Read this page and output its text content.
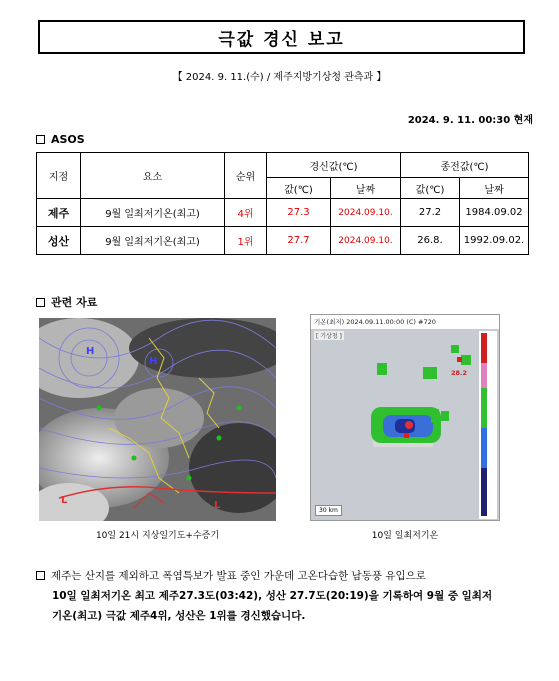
극값 경신 보고
【 2024. 9. 11.(수) / 제주지방기상청 관측과 】
2024. 9. 11. 00:30 현재
ASOS
지점	요소	순위	경신값(℃)		종전값(℃)	
			값(℃)	날짜	값(℃)	날짜
제주	9월 일최저기온(최고)	4위	27.3	2024.09.10.	27.2	1984.09.02
성산	9월 일최저기온(최고)	1위	27.7	2024.09.10.	26.8.	1992.09.02.
관련 자료
H
H
L	L
28.2
기온(최저) 2024.09.11.00:00 (C) #720
[ 기상청 ]
30 km
10일 21시 지상일기도+수증기	10일 일최저기온
제주는 산지를 제외하고 폭염특보가 발표 중인 가운데 고온다습한 남동풍 유입으로
10일 일최저기온 최고 제주27.3도(03:42), 성산 27.7도(20:19)을 기록하여 9월 중 일최저
기온(최고) 극값 제주4위, 성산은 1위를 경신했습니다.
